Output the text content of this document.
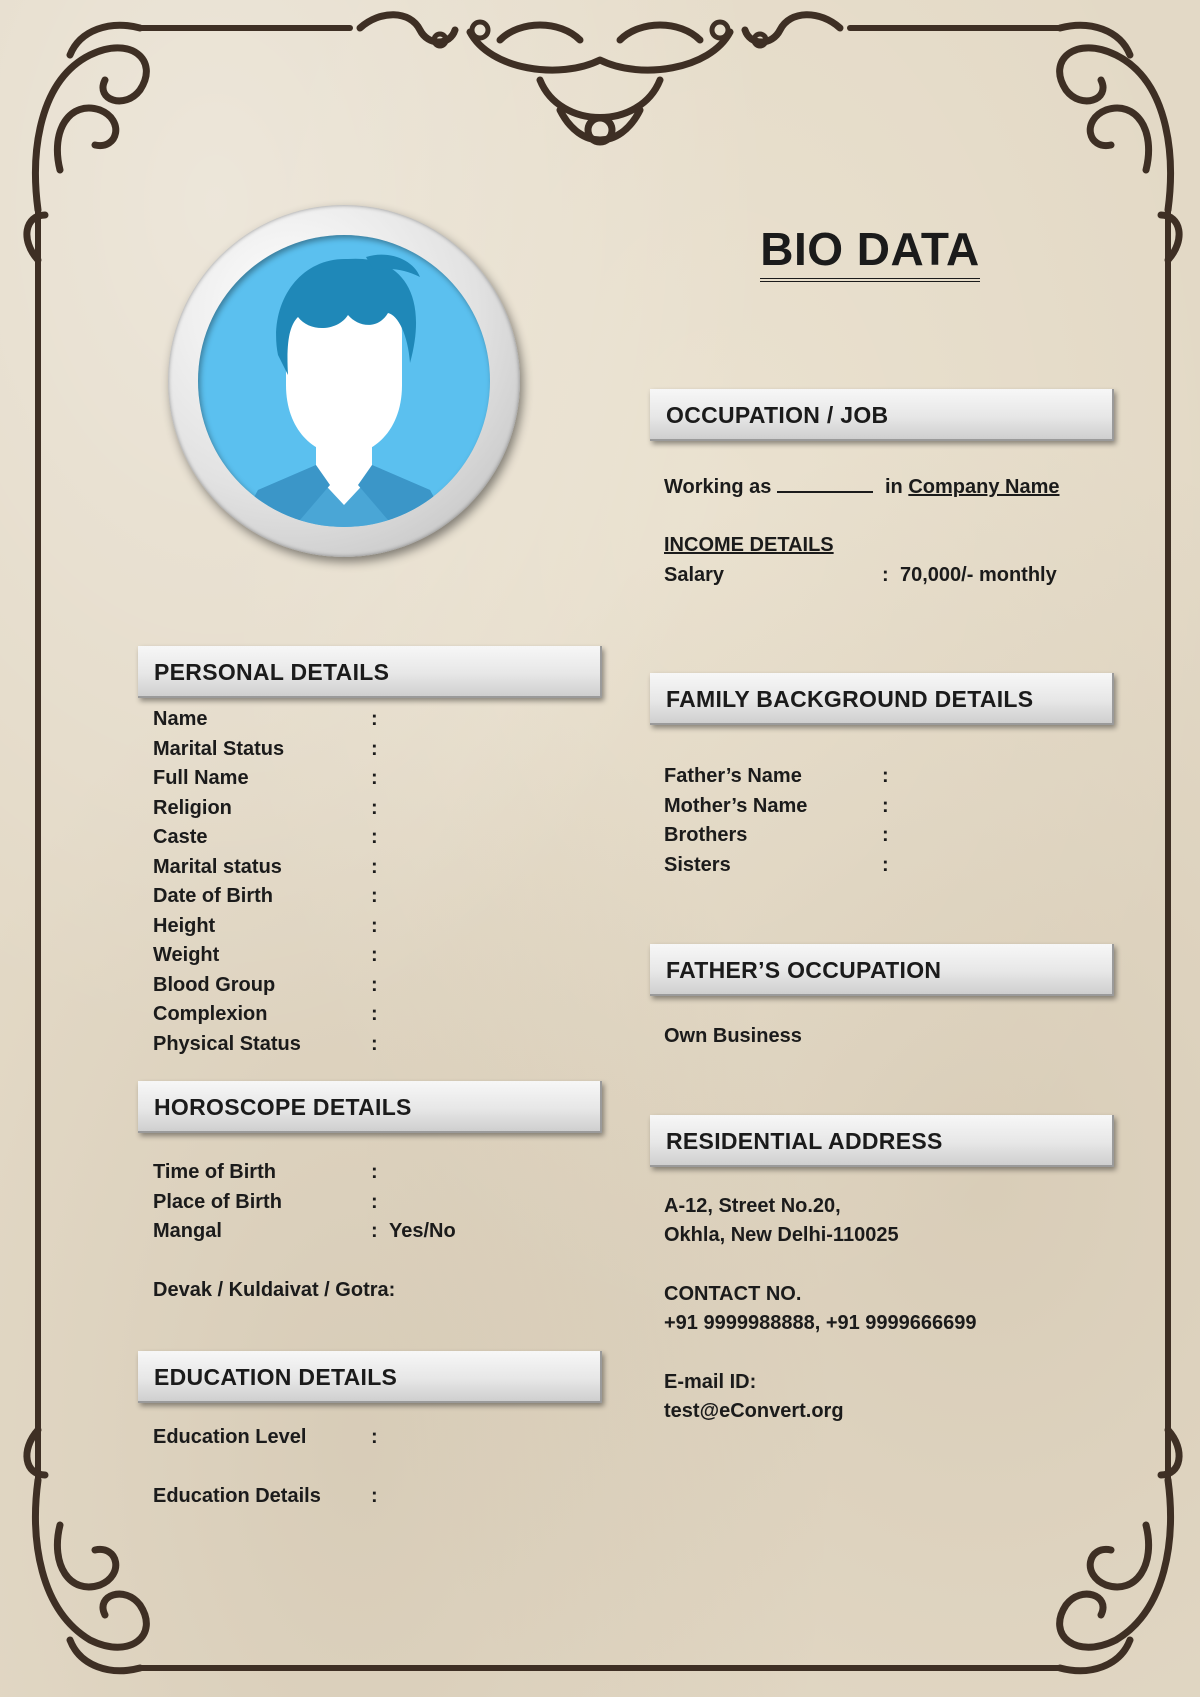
BIO DATA
OCCUPATION / JOB
Working as	in Company Name
INCOME DETAILS
Salary	: 70,000/- monthly
PERSONAL DETAILS
Name	:
Marital Status	:
Full Name	:
Religion	:
Caste	:
Marital status	:
Date of Birth	:
Height	:
Weight	:
Blood Group	:
Complexion	:
Physical Status	:
HOROSCOPE DETAILS
Time of Birth	:
Place of Birth	:
Mangal	: Yes/No
Devak / Kuldaivat / Gotra:
EDUCATION DETAILS
Education Level	:
Education Details	:
FAMILY BACKGROUND DETAILS
Father’s Name	:
Mother’s Name	:
Brothers	:
Sisters	:
FATHER’S OCCUPATION
Own Business
RESIDENTIAL ADDRESS
A-12, Street No.20,
Okhla, New Delhi-110025
CONTACT NO.
+91 9999988888, +91 9999666699
E-mail ID:
test@eConvert.org
